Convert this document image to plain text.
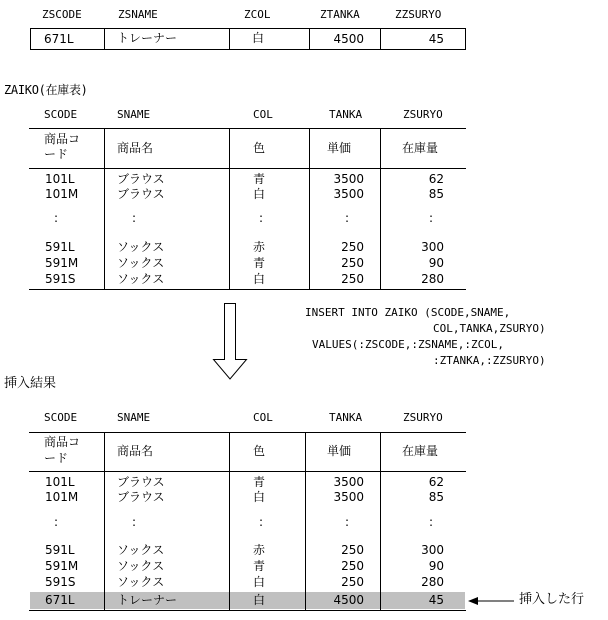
ZSCODE	ZSNAME	ZCOL	ZTANKA	ZZSURYO
671L	トレーナー	白	4500	45
ZAIKO(在庫表)
SCODE	SNAME	COL	TANKA	ZSURYO
商品コ
ード	商品名	色	単価	在庫量
101L	ブラウス	青	3500	62
101M	ブラウス	白	3500	85
:	:	:	:	:
591L	ソックス	赤	250	300
591M	ソックス	青	250	90
591S	ソックス	白	250	280
INSERT INTO ZAIKO (SCODE,SNAME,
COL,TANKA,ZSURYO)
VALUES(:ZSCODE,:ZSNAME,:ZCOL,
:ZTANKA,:ZZSURYO)
挿入結果
SCODE	SNAME	COL	TANKA	ZSURYO
商品コ
ード	商品名	色	単価	在庫量
101L	ブラウス	青	3500	62
101M	ブラウス	白	3500	85
:	:	:	:	:
591L	ソックス	赤	250	300
591M	ソックス	青	250	90
591S	ソックス	白	250	280
671L	トレーナー	白	4500	45	挿入した行
